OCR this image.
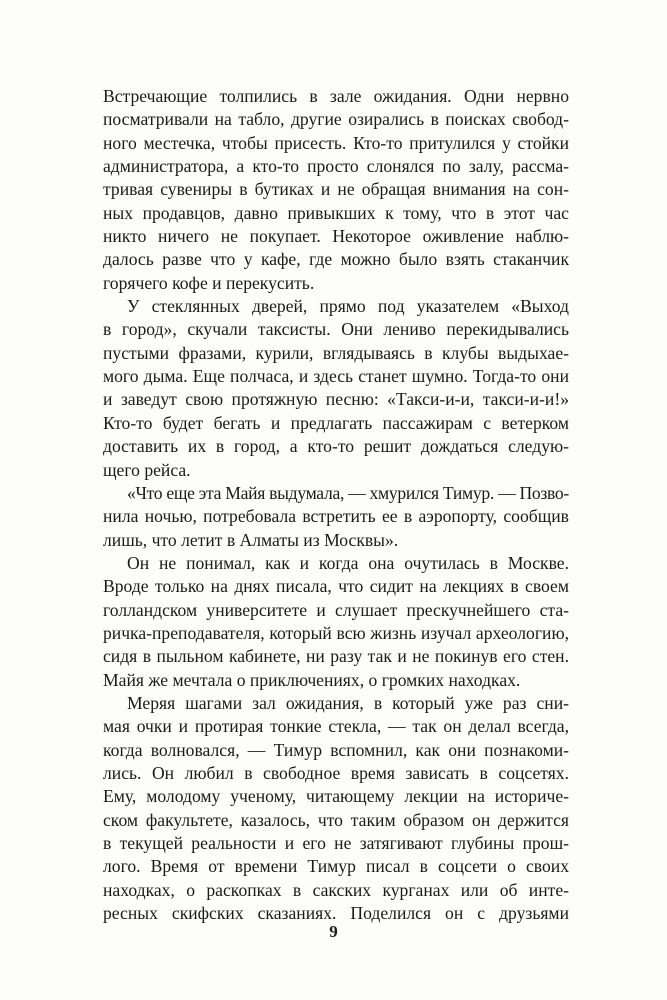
Встречающие толпились в зале ожидания. Одни нервно
посматривали на табло, другие озирались в поисках свобод-
ного местечка, чтобы присесть. Кто-то притулился у стойки
администратора, а кто-то просто слонялся по залу, рассма-
тривая сувениры в бутиках и не обращая внимания на сон-
ных продавцов, давно привыкших к тому, что в этот час
никто ничего не покупает. Некоторое оживление наблю-
далось разве что у кафе, где можно было взять стаканчик
горячего кофе и перекусить.
У стеклянных дверей, прямо под указателем «Выход
в город», скучали таксисты. Они лениво перекидывались
пустыми фразами, курили, вглядываясь в клубы выдыхае-
мого дыма. Еще полчаса, и здесь станет шумно. Тогда-то они
и заведут свою протяжную песню: «Такси-и-и, такси-и-и!»
Кто-то будет бегать и предлагать пассажирам с ветерком
доставить их в город, а кто-то решит дождаться следую-
щего рейса.
«Что еще эта Майя выдумала, — хмурился Тимур. — Позво-
нила ночью, потребовала встретить ее в аэропорту, сообщив
лишь, что летит в Алматы из Москвы».
Он не понимал, как и когда она очутилась в Москве.
Вроде только на днях писала, что сидит на лекциях в своем
голландском университете и слушает прескучнейшего ста-
ричка-преподавателя, который всю жизнь изучал археологию,
сидя в пыльном кабинете, ни разу так и не покинув его стен.
Майя же мечтала о приключениях, о громких находках.
Меряя шагами зал ожидания, в который уже раз сни-
мая очки и протирая тонкие стекла, — так он делал всегда,
когда волновался, — Тимур вспомнил, как они познакоми-
лись. Он любил в свободное время зависать в соцсетях.
Ему, молодому ученому, читающему лекции на историче-
ском факультете, казалось, что таким образом он держится
в текущей реальности и его не затягивают глубины прош-
лого. Время от времени Тимур писал в соцсети о своих
находках, о раскопках в сакских курганах или об инте-
ресных скифских сказаниях. Поделился он с друзьями
9
